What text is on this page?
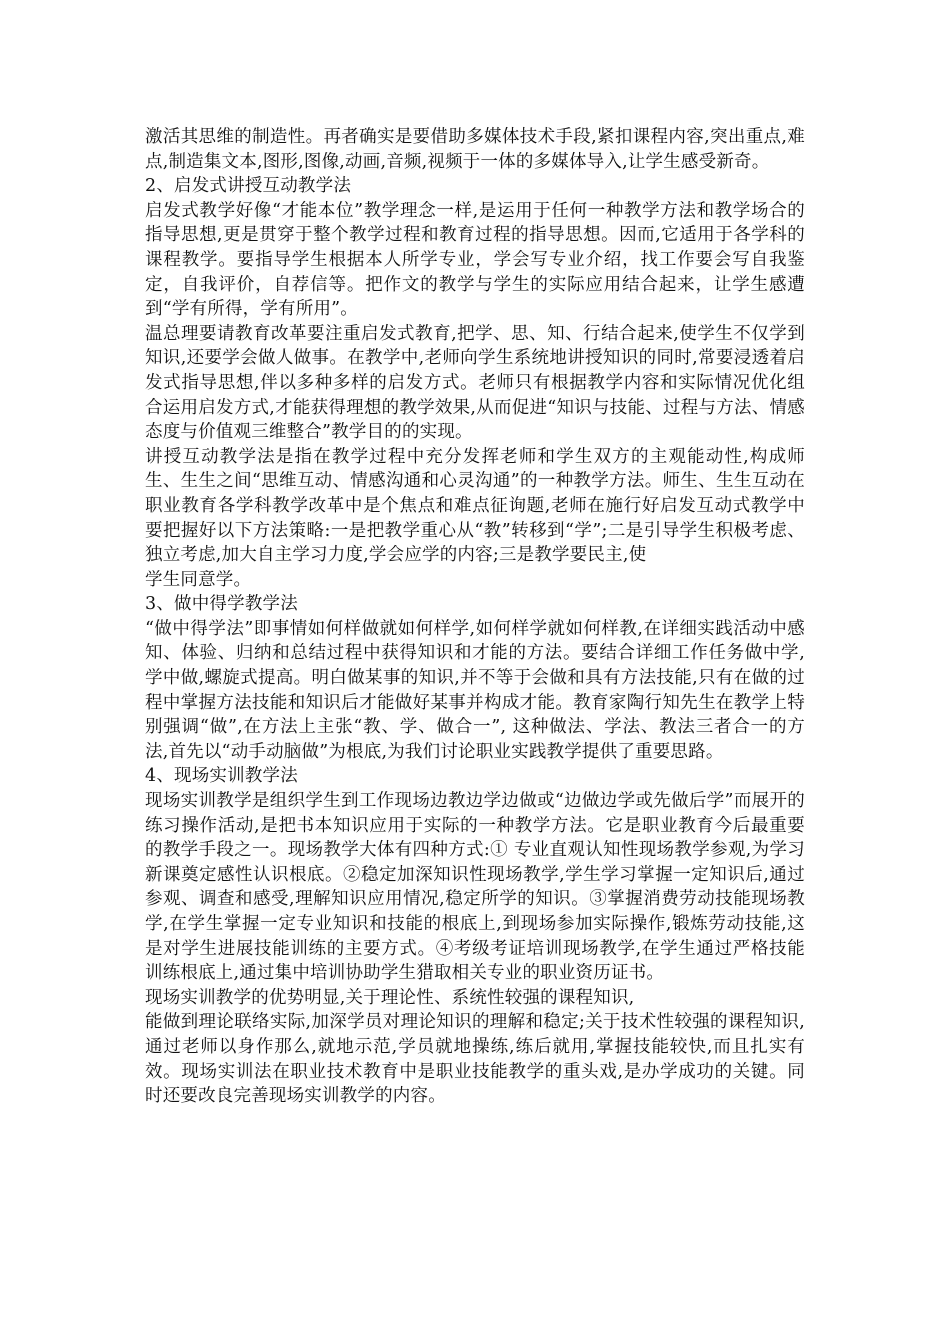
激活其思维的制造性。再者确实是要借助多媒体技术手段,紧扣课程内容,突出重点,难点,制造集文本,图形,图像,动画,音频,视频于一体的多媒体导入,让学生感受新奇。

2、启发式讲授互动教学法

启发式教学好像“才能本位”教学理念一样,是运用于任何一种教学方法和教学场合的指导思想,更是贯穿于整个教学过程和教育过程的指导思想。因而,它适用于各学科的课程教学。要指导学生根据本人所学专业，学会写专业介绍，找工作要会写自我鉴定，自我评价，自荐信等。把作文的教学与学生的实际应用结合起来，让学生感遭到“学有所得，学有所用”。

温总理要请教育改革要注重启发式教育,把学、思、知、行结合起来,使学生不仅学到知识,还要学会做人做事。在教学中,老师向学生系统地讲授知识的同时,常要浸透着启发式指导思想,伴以多种多样的启发方式。老师只有根据教学内容和实际情况优化组合运用启发方式,才能获得理想的教学效果,从而促进“知识与技能、过程与方法、情感态度与价值观三维整合”教学目的的实现。

讲授互动教学法是指在教学过程中充分发挥老师和学生双方的主观能动性,构成师生、生生之间“思维互动、情感沟通和心灵沟通”的一种教学方法。师生、生生互动在职业教育各学科教学改革中是个焦点和难点征询题,老师在施行好启发互动式教学中要把握好以下方法策略:一是把教学重心从“教”转移到“学”;二是引导学生积极考虑、独立考虑,加大自主学习力度,学会应学的内容;三是教学要民主,使

学生同意学。

3、做中得学教学法

“做中得学法”即事情如何样做就如何样学,如何样学就如何样教,在详细实践活动中感知、体验、归纳和总结过程中获得知识和才能的方法。要结合详细工作任务做中学,学中做,螺旋式提高。明白做某事的知识,并不等于会做和具有方法技能,只有在做的过程中掌握方法技能和知识后才能做好某事并构成才能。教育家陶行知先生在教学上特别强调“做”,在方法上主张“教、学、做合一”, 这种做法、学法、教法三者合一的方法,首先以“动手动脑做”为根底,为我们讨论职业实践教学提供了重要思路。

4、现场实训教学法

现场实训教学是组织学生到工作现场边教边学边做或“边做边学或先做后学”而展开的练习操作活动,是把书本知识应用于实际的一种教学方法。它是职业教育今后最重要的教学手段之一。现场教学大体有四种方式:① 专业直观认知性现场教学参观,为学习新课奠定感性认识根底。②稳定加深知识性现场教学,学生学习掌握一定知识后,通过参观、调查和感受,理解知识应用情况,稳定所学的知识。③掌握消费劳动技能现场教学,在学生掌握一定专业知识和技能的根底上,到现场参加实际操作,锻炼劳动技能,这是对学生进展技能训练的主要方式。④考级考证培训现场教学,在学生通过严格技能训练根底上,通过集中培训协助学生猎取相关专业的职业资历证书。

现场实训教学的优势明显,关于理论性、系统性较强的课程知识,

能做到理论联络实际,加深学员对理论知识的理解和稳定;关于技术性较强的课程知识,通过老师以身作那么,就地示范,学员就地操练,练后就用,掌握技能较快,而且扎实有效。现场实训法在职业技术教育中是职业技能教学的重头戏,是办学成功的关键。同时还要改良完善现场实训教学的内容。
